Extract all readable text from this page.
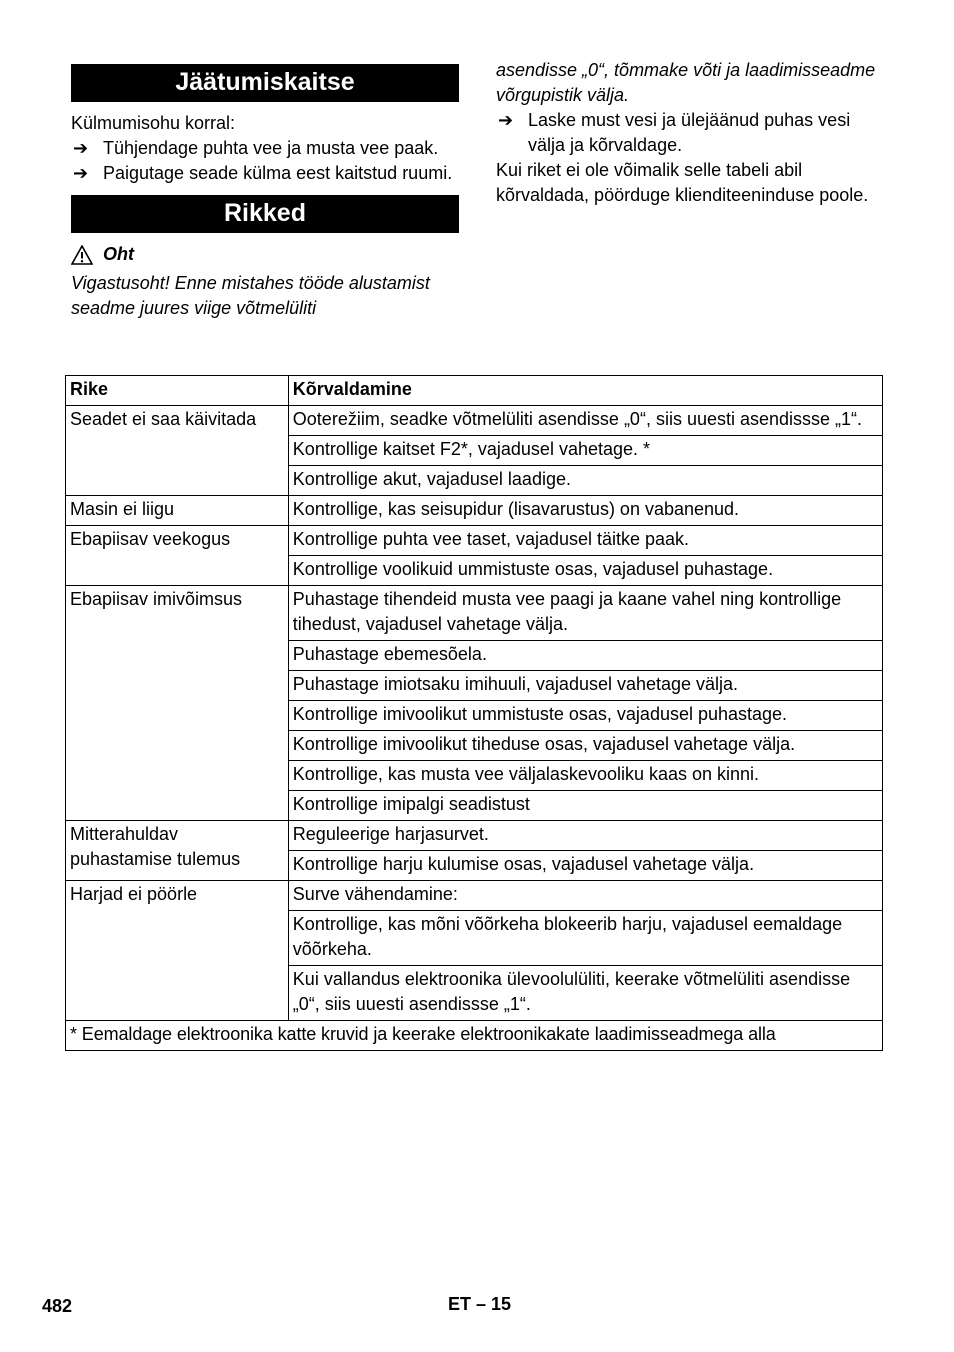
Jäätumiskaitse

Külmumisohu korral:

➔ Tühjendage puhta vee ja musta vee paak.
➔ Paigutage seade külma eest kaitstud ruumi.
Rikked
Oht

Vigastusoht! Enne mistahes tööde alustamist seadme juures viige võtmelüliti

asendisse „0“, tõmmake võti ja laadimisseadme võrgupistik välja.

➔ Laske must vesi ja ülejäänud puhas vesi välja ja kõrvaldage.

Kui riket ei ole võimalik selle tabeli abil kõrvaldada, pöörduge klienditeeninduse poole.

Rike	Kõrvaldamine
Seadet ei saa käivitada	Ooterežiim, seadke võtmelüliti asendisse „0“, siis uuesti asendissse „1“.
	Kontrollige kaitset F2*, vajadusel vahetage. *
	Kontrollige akut, vajadusel laadige.
Masin ei liigu	Kontrollige, kas seisupidur (lisavarustus) on vabanenud.
Ebapiisav veekogus	Kontrollige puhta vee taset, vajadusel täitke paak.
	Kontrollige voolikuid ummistuste osas, vajadusel puhastage.
Ebapiisav imivõimsus	Puhastage tihendeid musta vee paagi ja kaane vahel ning kontrollige tihedust, vajadusel vahetage välja.
	Puhastage ebemesõela.
	Puhastage imiotsaku imihuuli, vajadusel vahetage välja.
	Kontrollige imivoolikut ummistuste osas, vajadusel puhastage.
	Kontrollige imivoolikut tiheduse osas, vajadusel vahetage välja.
	Kontrollige, kas musta vee väljalaskevooliku kaas on kinni.
	Kontrollige imipalgi seadistust
Mitterahuldav puhastamise tulemus	Reguleerige harjasurvet.
	Kontrollige harju kulumise osas, vajadusel vahetage välja.
Harjad ei pöörle	Surve vähendamine:
	Kontrollige, kas mõni võõrkeha blokeerib harju, vajadusel eemaldage võõrkeha.
	Kui vallandus elektroonika ülevoolulüliti, keerake võtmelüliti asendisse „0“, siis uuesti asendissse „1“.
* Eemaldage elektroonika katte kruvid ja keerake elektroonikakate laadimisseadmega alla	
482	ET – 15
